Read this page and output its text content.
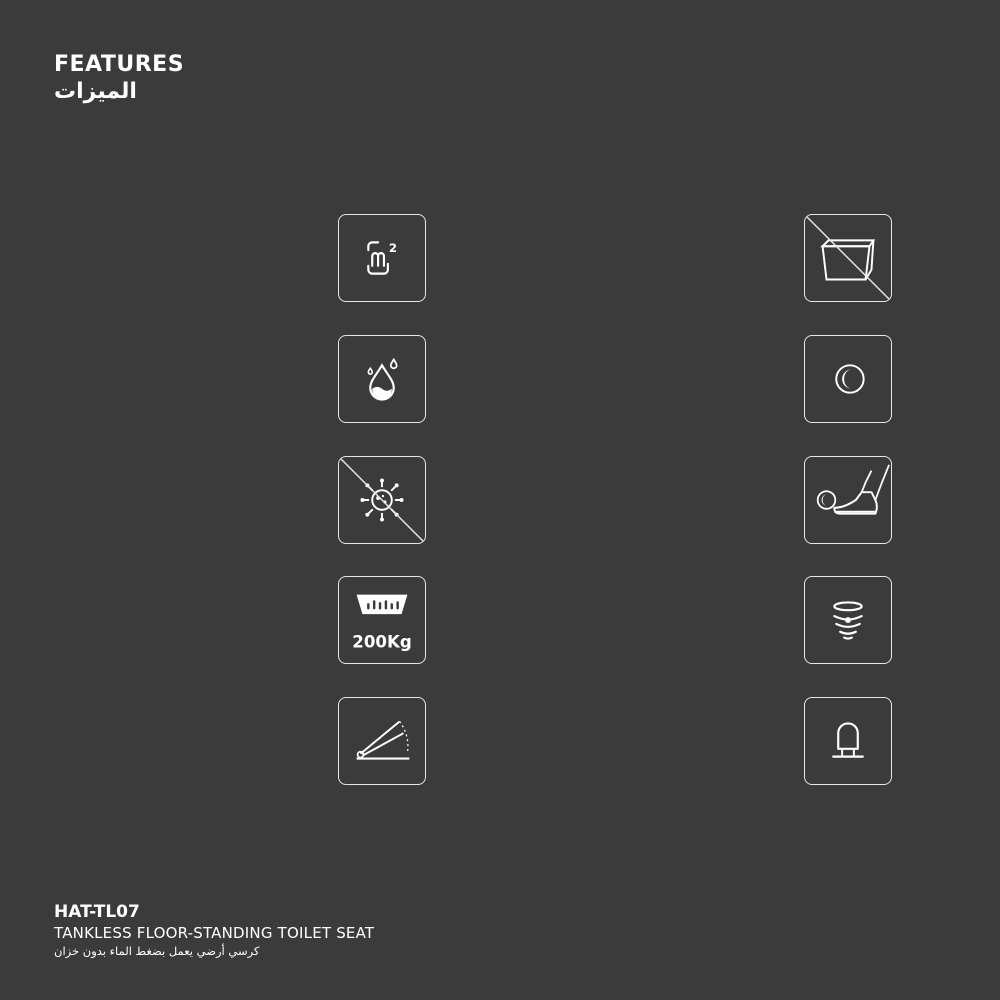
FEATURES
الميزات
2
200Kg
HAT-TL07
TANKLESS FLOOR-STANDING TOILET SEAT
كرسي أرضي يعمل بضغط الماء بدون خزان
